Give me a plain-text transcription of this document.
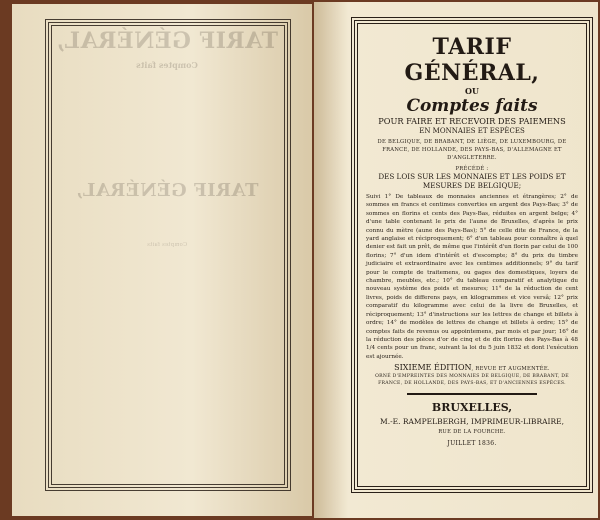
TARIF GÉNÉRAL,
Comptes faits
TARIF GÉNÉRAL,
Comptes faits
TARIF GÉNÉRAL,
OU
Comptes faits
POUR FAIRE ET RECEVOIR DES PAIEMENS
EN MONNAIES ET ESPÈCES
DE BELGIQUE, DE BRABANT, DE LIÈGE, DE LUXEMBOURG, DE FRANCE, DE HOLLANDE, DES PAYS-BAS, D'ALLEMAGNE ET D'ANGLETERRE.
PRÉCÉDÉ :
DES LOIS SUR LES MONNAIES ET LES POIDS ET MESURES DE BELGIQUE;
Suivi 1° De tableaux de monnaies anciennes et étrangères; 2° de sommes en francs et centimes converties en argent des Pays-Bas; 3° de sommes en florins et cents des Pays-Bas, réduites en argent belge; 4° d'une table contenant le prix de l'aune de Bruxelles, d'après le prix connu du mètre (aune des Pays-Bas); 5° de celle dite de France, de la yard anglaise et réciproquement; 6° d'un tableau pour connaître à quel denier est fait un prêt, de même que l'intérêt d'un florin par celui de 100 florins; 7° d'un idem d'intérêt et d'escompte; 8° du prix du timbre judiciaire et extraordinaire avec les centimes additionnels; 9° du tarif pour le compte de traitemens, ou gages des domestiques, loyers de chambre, meubles, etc.; 10° du tableau comparatif et analytique du nouveau système des poids et mesures; 11° de la réduction de cent livres, poids de differens pays, en kilogrammes et vice versâ; 12° prix comparatif du kilogramme avec celui de la livre de Bruxelles, et réciproquement; 13° d'instructions sur les lettres de change et billets à ordre; 14° de modèles de lettres de change et billets à ordre; 15° de comptes faits de revenus ou appointemens, par mois et par jour; 16° de la réduction des pièces d'or de cinq et de dix florins des Pays-Bas à 48 1/4 cents pour un franc, suivant la loi du 5 juin 1832 et dont l'exécution est ajournée.
SIXIEME ÉDITION, REVUE ET AUGMENTÉE.
ORNÉ D'EMPREINTES DES MONNAIES DE BELGIQUE, DE BRABANT, DE FRANCE, DE HOLLANDE, DES PAYS-BAS, ET D'ANCIENNES ESPÈCES.
BRUXELLES,
M.-E. RAMPELBERGH, IMPRIMEUR-LIBRAIRE,
RUE DE LA FOURCHE.
JUILLET 1836.
